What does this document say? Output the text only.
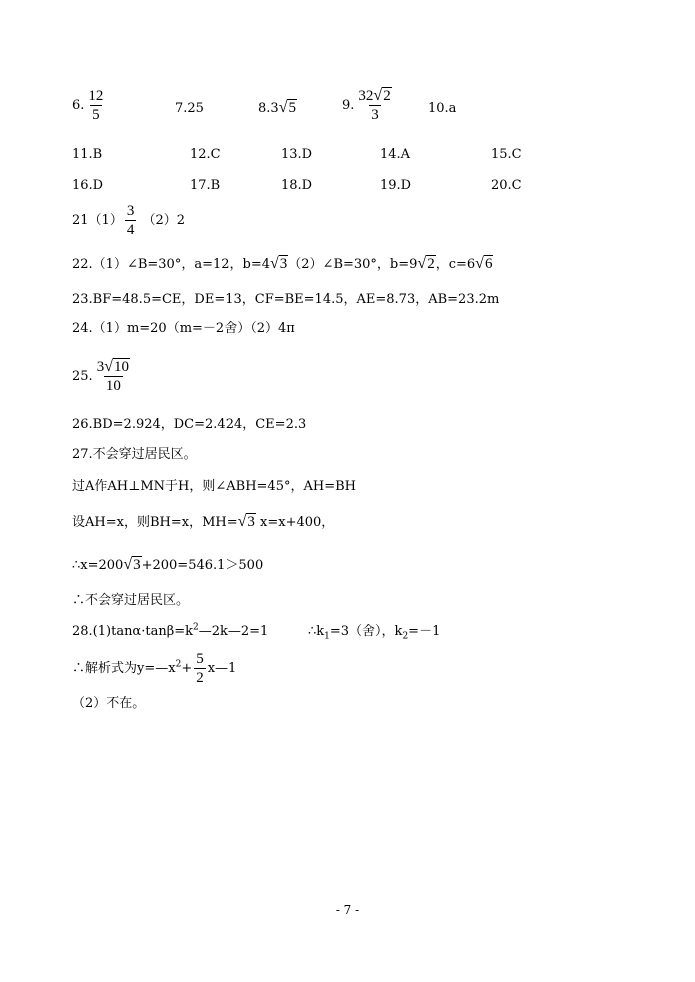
6. $\frac{12}{5}$	7.25	8.3√5	9. $\frac{32√2}{3}$	10.a
11.B	12.C	13.D	14.A	15.C
16.D	17.B	18.D	19.D	20.C
$21(1) \frac{3}{4} (2)2$
22.（1）∠B=30°，a=12，b=4√3（2）∠B=30°，b=9√2，c=6√6
23.BF=48.5=CE，DE=13，CF=BE=14.5，AE=8.73，AB=23.2m
24.（1）m=20（m=－2舍）（2）4π
25. $\frac{3√10}{10}$
26.BD=2.924，DC=2.424，CE=2.3
27.不会穿过居民区。
过A作AH⊥MN于H，则∠ABH=45°，AH=BH
设AH=x，则BH=x，MH=√3 x=x+400，
∴x=200√3+200=546.1＞500
∴不会穿过居民区。
$28.(1)\tan\alpha\cdot\tan\beta=k^2—2k—2=1$	$\therefore k_1=3$（舍），$k_2=-1$
∴解析式为$y=—x^2+ \frac{5}{2}$ x—1
（2）不在。
- 7 -
